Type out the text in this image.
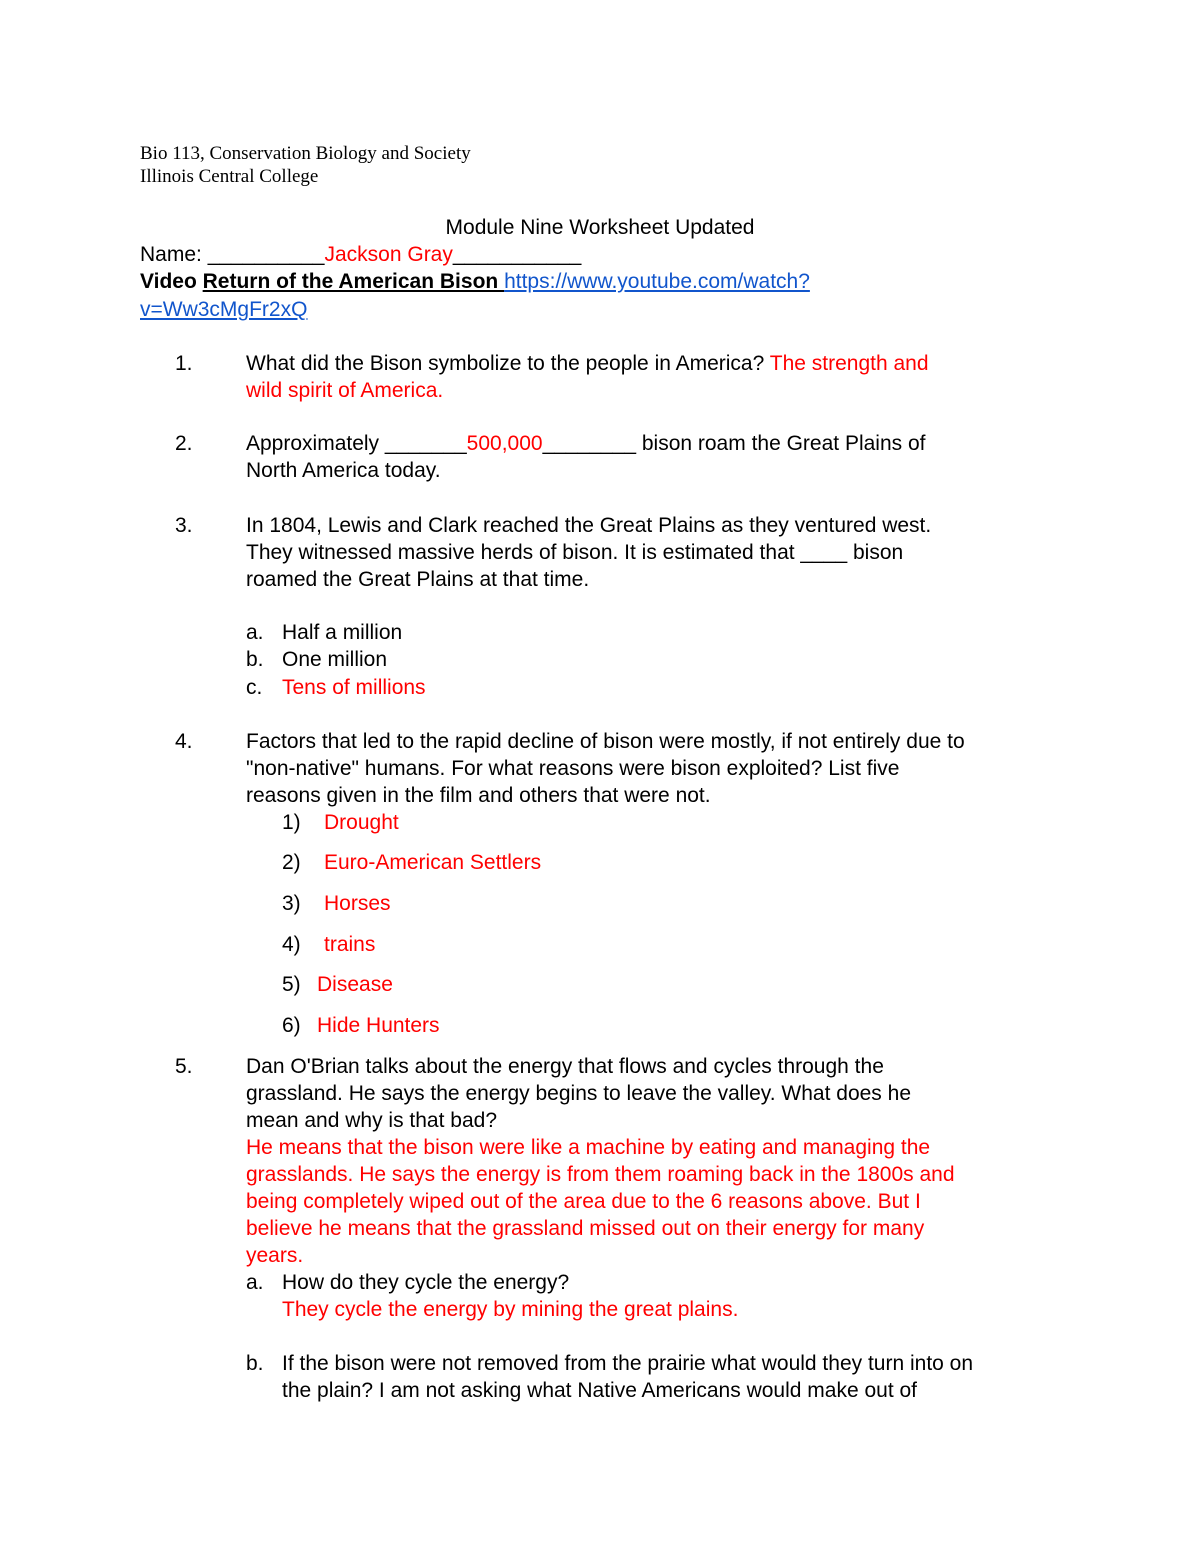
Bio 113, Conservation Biology and Society
Illinois Central College
Module Nine Worksheet Updated
Name: __________Jackson Gray___________
Video Return of the American Bison https://www.youtube.com/watch?
v=Ww3cMgFr2xQ
1.	What did the Bison symbolize to the people in America? The strength and
wild spirit of America.
2.	Approximately _______500,000________ bison roam the Great Plains of
North America today.
3.	In 1804, Lewis and Clark reached the Great Plains as they ventured west.
They witnessed massive herds of bison. It is estimated that ____ bison
roamed the Great Plains at that time.
a. Half a million
b. One million
c. Tens of millions
4.	Factors that led to the rapid decline of bison were mostly, if not entirely due to
"non-native" humans. For what reasons were bison exploited? List five
reasons given in the film and others that were not.
1) Drought
2) Euro-American Settlers
3) Horses
4) trains
5) Disease
6) Hide Hunters
5.	Dan O'Brian talks about the energy that flows and cycles through the
grassland. He says the energy begins to leave the valley. What does he
mean and why is that bad?
He means that the bison were like a machine by eating and managing the
grasslands. He says the energy is from them roaming back in the 1800s and
being completely wiped out of the area due to the 6 reasons above. But I
believe he means that the grassland missed out on their energy for many
years.
a. How do they cycle the energy?
They cycle the energy by mining the great plains.
b. If the bison were not removed from the prairie what would they turn into on
the plain? I am not asking what Native Americans would make out of
